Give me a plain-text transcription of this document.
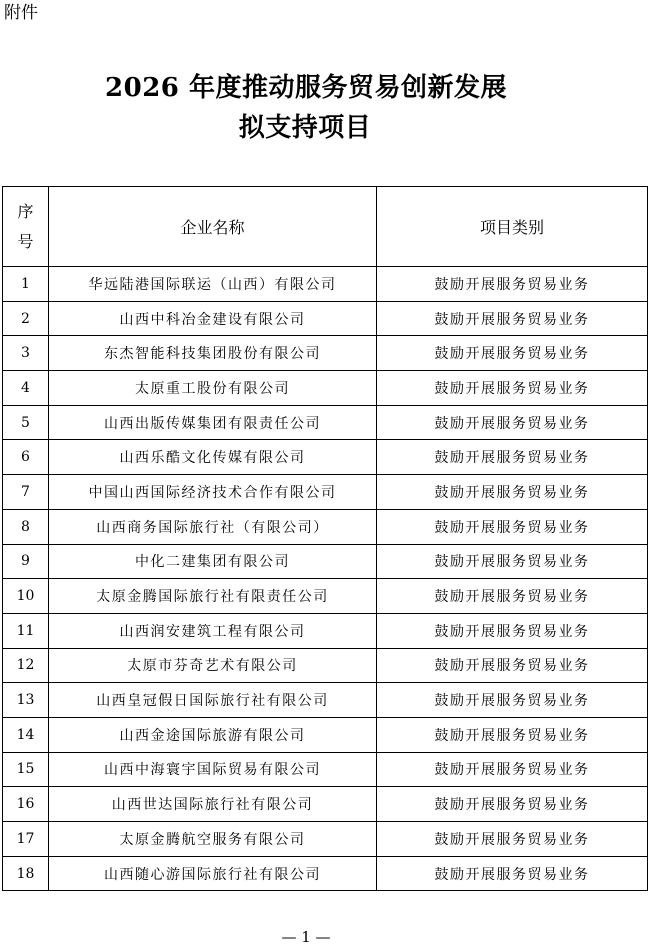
附件
2026 年度推动服务贸易创新发展
拟支持项目
序
号	企业名称	项目类别
1	华远陆港国际联运（山西）有限公司	鼓励开展服务贸易业务
2	山西中科冶金建设有限公司	鼓励开展服务贸易业务
3	东杰智能科技集团股份有限公司	鼓励开展服务贸易业务
4	太原重工股份有限公司	鼓励开展服务贸易业务
5	山西出版传媒集团有限责任公司	鼓励开展服务贸易业务
6	山西乐酷文化传媒有限公司	鼓励开展服务贸易业务
7	中国山西国际经济技术合作有限公司	鼓励开展服务贸易业务
8	山西商务国际旅行社（有限公司）	鼓励开展服务贸易业务
9	中化二建集团有限公司	鼓励开展服务贸易业务
10	太原金腾国际旅行社有限责任公司	鼓励开展服务贸易业务
11	山西润安建筑工程有限公司	鼓励开展服务贸易业务
12	太原市芬奇艺术有限公司	鼓励开展服务贸易业务
13	山西皇冠假日国际旅行社有限公司	鼓励开展服务贸易业务
14	山西金途国际旅游有限公司	鼓励开展服务贸易业务
15	山西中海寰宇国际贸易有限公司	鼓励开展服务贸易业务
16	山西世达国际旅行社有限公司	鼓励开展服务贸易业务
17	太原金腾航空服务有限公司	鼓励开展服务贸易业务
18	山西随心游国际旅行社有限公司	鼓励开展服务贸易业务
— 1 —
